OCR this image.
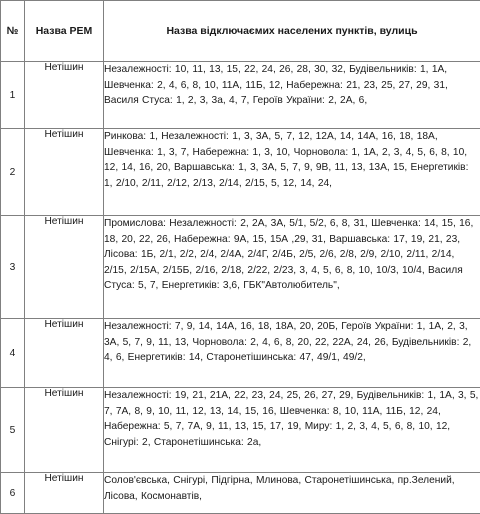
№	Назва РЕМ	Назва відключаємих населених пунктів, вулиць
1	Нетішин	Незалежності: 10, 11, 13, 15, 22, 24, 26, 28, 30, 32, Будівельників: 1, 1А, Шевченка: 2, 4, 6, 8, 10, 11А, 11Б, 12, Набережна: 21, 23, 25, 27, 29, 31, Василя Стуса: 1, 2, 3, 3а, 4, 7, Героїв України: 2, 2А, 6,
2	Нетішин	Ринкова: 1, Незалежності: 1, 3, 3А, 5, 7, 12, 12А, 14, 14А, 16, 18, 18А, Шевченка: 1, 3, 7, Набережна: 1, 3, 10, Чорновола: 1, 1А, 2, 3, 4, 5, 6, 8, 10, 12, 14, 16, 20, Варшавська: 1, 3, 3А, 5, 7, 9, 9В, 11, 13, 13А, 15, Енергетиків: 1, 2/10, 2/11, 2/12, 2/13, 2/14, 2/15, 5, 12, 14, 24,
3	Нетішин	Промислова: Незалежності: 2, 2А, 3А, 5/1, 5/2, 6, 8, 31, Шевченка: 14, 15, 16, 18, 20, 22, 26, Набережна: 9А, 15, 15А ,29, 31, Варшавська: 17, 19, 21, 23, Лісова: 1Б, 2/1, 2/2, 2/4, 2/4А, 2/4Г, 2/4Б, 2/5, 2/6, 2/8, 2/9, 2/10, 2/11, 2/14, 2/15, 2/15А, 2/15Б, 2/16, 2/18, 2/22, 2/23, 3, 4, 5, 6, 8, 10, 10/3, 10/4, Василя Стуса: 5, 7, Енергетиків: 3,6, ГБК"Автолюбитель",
4	Нетішин	Незалежності: 7, 9, 14, 14А, 16, 18, 18А, 20, 20Б, Героїв України: 1, 1А, 2, 3, 3А, 5, 7, 9, 11, 13, Чорновола: 2, 4, 6, 8, 20, 22, 22А, 24, 26, Будівельників: 2, 4, 6, Енергетиків: 14, Старонетішинська: 47, 49/1, 49/2,
5	Нетішин	Незалежності: 19, 21, 21А, 22, 23, 24, 25, 26, 27, 29, Будівельників: 1, 1А, 3, 5, 7, 7А, 8, 9, 10, 11, 12, 13, 14, 15, 16, Шевченка: 8, 10, 11А, 11Б, 12, 24, Набережна: 5, 7, 7А, 9, 11, 13, 15, 17, 19, Миру: 1, 2, 3, 4, 5, 6, 8, 10, 12, Снігурі: 2, Старонетішинська: 2а,
6	Нетішин	Солов'євська, Снігурі, Підгірна, Млинова, Старонетішинська, пр.Зелений, Лісова, Космонавтів,
